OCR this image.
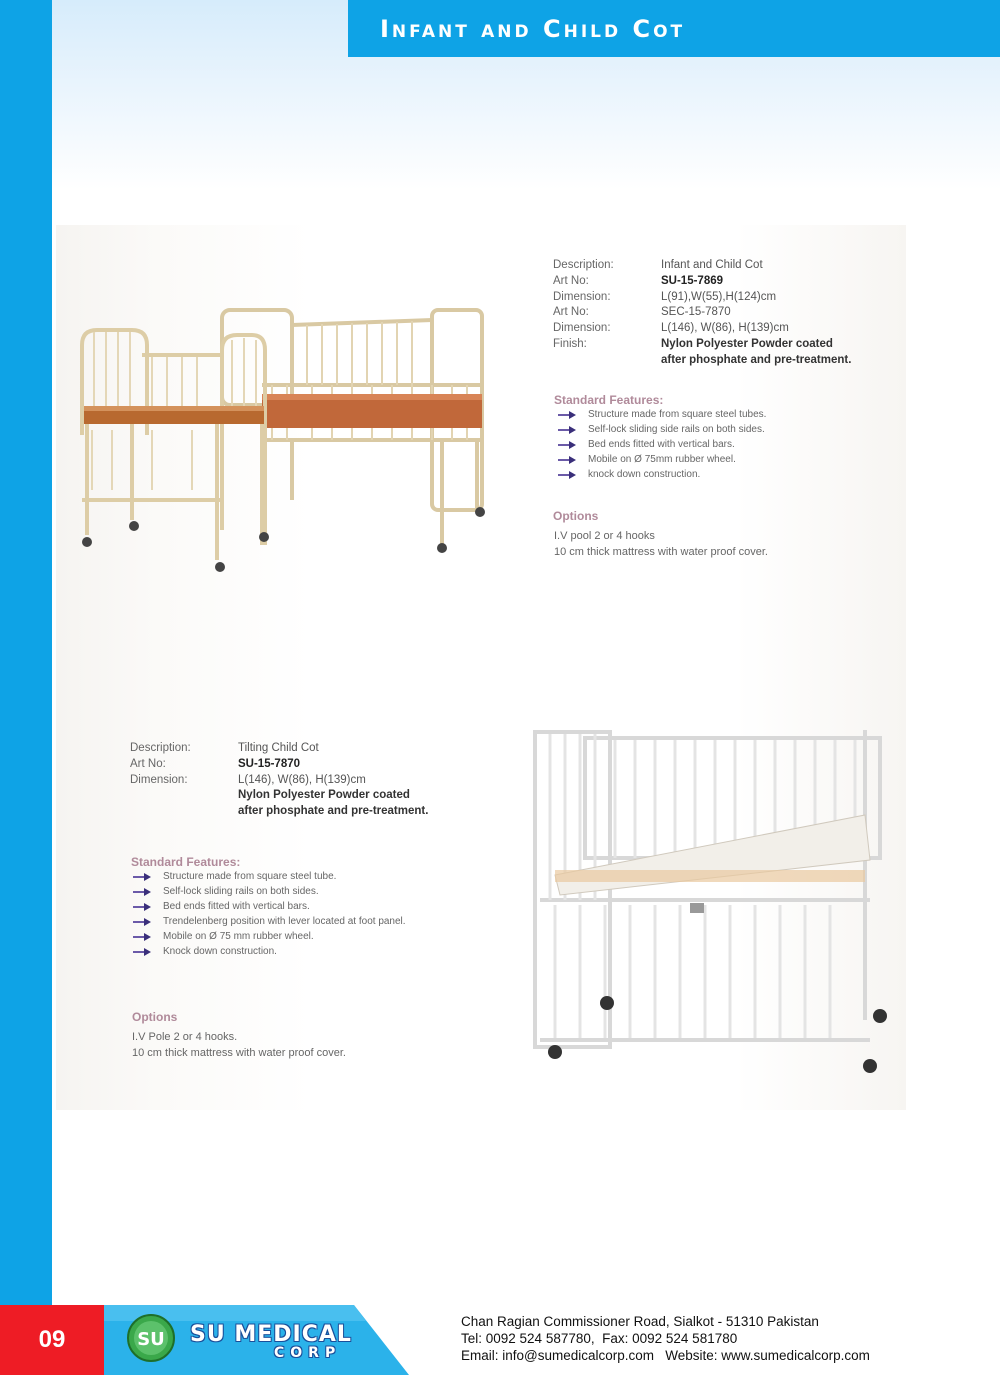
Infant and Child Cot
Description:	Infant and Child Cot
Art No:	SU-15-7869
Dimension:	L(91),W(55),H(124)cm
Art No:	SEC-15-7870
Dimension:	L(146), W(86), H(139)cm
Finish:	Nylon Polyester Powder coated
after phosphate and pre-treatment.
Standard Features:
Structure made from square steel tubes.
Self-lock sliding side rails on both sides.
Bed ends fitted with vertical bars.
Mobile on Ø 75mm rubber wheel.
knock down construction.
Options
I.V pool 2 or 4 hooks
10 cm thick mattress with water proof cover.
Description:	Tilting Child Cot
Art No:	SU-15-7870
Dimension:	L(146), W(86), H(139)cm
Nylon Polyester Powder coated
after phosphate and pre-treatment.
Standard Features:
Structure made from square steel tube.
Self-lock sliding rails on both sides.
Bed ends fitted with vertical bars.
Trendelenberg position with lever located at foot panel.
Mobile on Ø 75 mm rubber wheel.
Knock down construction.
Options
I.V Pole 2 or 4 hooks.
10 cm thick mattress with water proof cover.
09	SU SU MEDICAL
CORP
Chan Ragian Commissioner Road, Sialkot - 51310 Pakistan
Tel: 0092 524 587780,  Fax: 0092 524 581780
Email: info@sumedicalcorp.com   Website: www.sumedicalcorp.com
